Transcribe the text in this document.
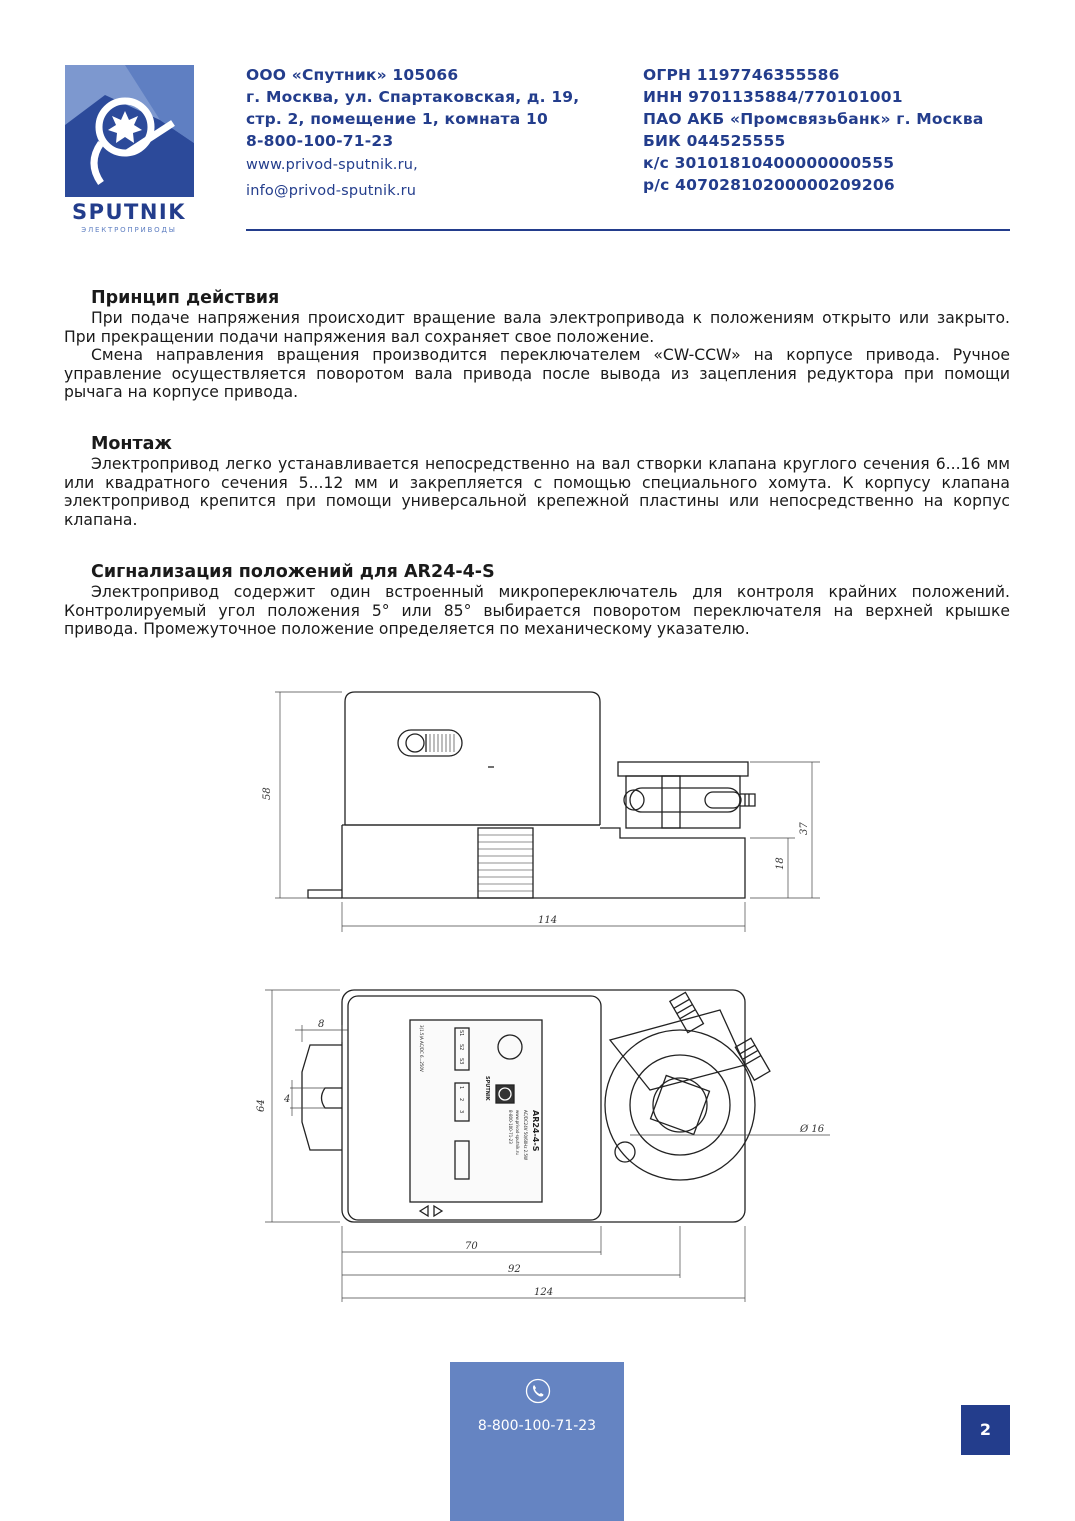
SPUTNIK
ЭЛЕКТРОПРИВОДЫ
ООО «Спутник» 105066
г. Москва, ул. Спартаковская, д. 19,
стр. 2, помещение 1, комната 10
8-800-100-71-23
www.privod-sputnik.ru,
info@privod-sputnik.ru
ОГРН 1197746355586
ИНН 9701135884/770101001
ПАО АКБ «Промсвязьбанк» г. Москва
БИК 044525555
к/с 30101810400000000555
р/с 40702810200000209206
Принцип действия

При подаче напряжения происходит вращение вала электропривода к положениям открыто или закрыто. При прекращении подачи напряжения вал сохраняет свое положение.

Смена направления вращения производится переключателем «CW-CCW» на корпусе привода. Ручное управление осуществляется поворотом вала привода после вывода из зацепления редуктора при помощи рычага на корпусе привода.

Монтаж

Электропривод легко устанавливается непосредственно на вал створки клапана круглого сечения 6...16 мм или квадратного сечения 5...12 мм и закрепляется с помощью специального хомута. К корпусу клапана электропривод крепится при помощи универсальной крепежной пластины или непосредственно на корпус клапана.

Сигнализация положений для AR24-4-S

Электропривод содержит один встроенный микропереключатель для контроля крайних положений. Контролируемый угол положения 5° или 85° выбирается поворотом переключателя на верхней крышке привода. Промежуточное положение определяется по механическому указателю.

58
37
18
114
AR24-4-S
SPUTNIK
AC/DC24V 50/60Hz 2.5W
www.privod-sputnik.ru
8-800-100-71-23
S1
S2
S3
3(1.5)A AC/DC 6...250V
1
2
3
64
8
4
Ø 16
70
92
124
8-800-100-71-23	2
